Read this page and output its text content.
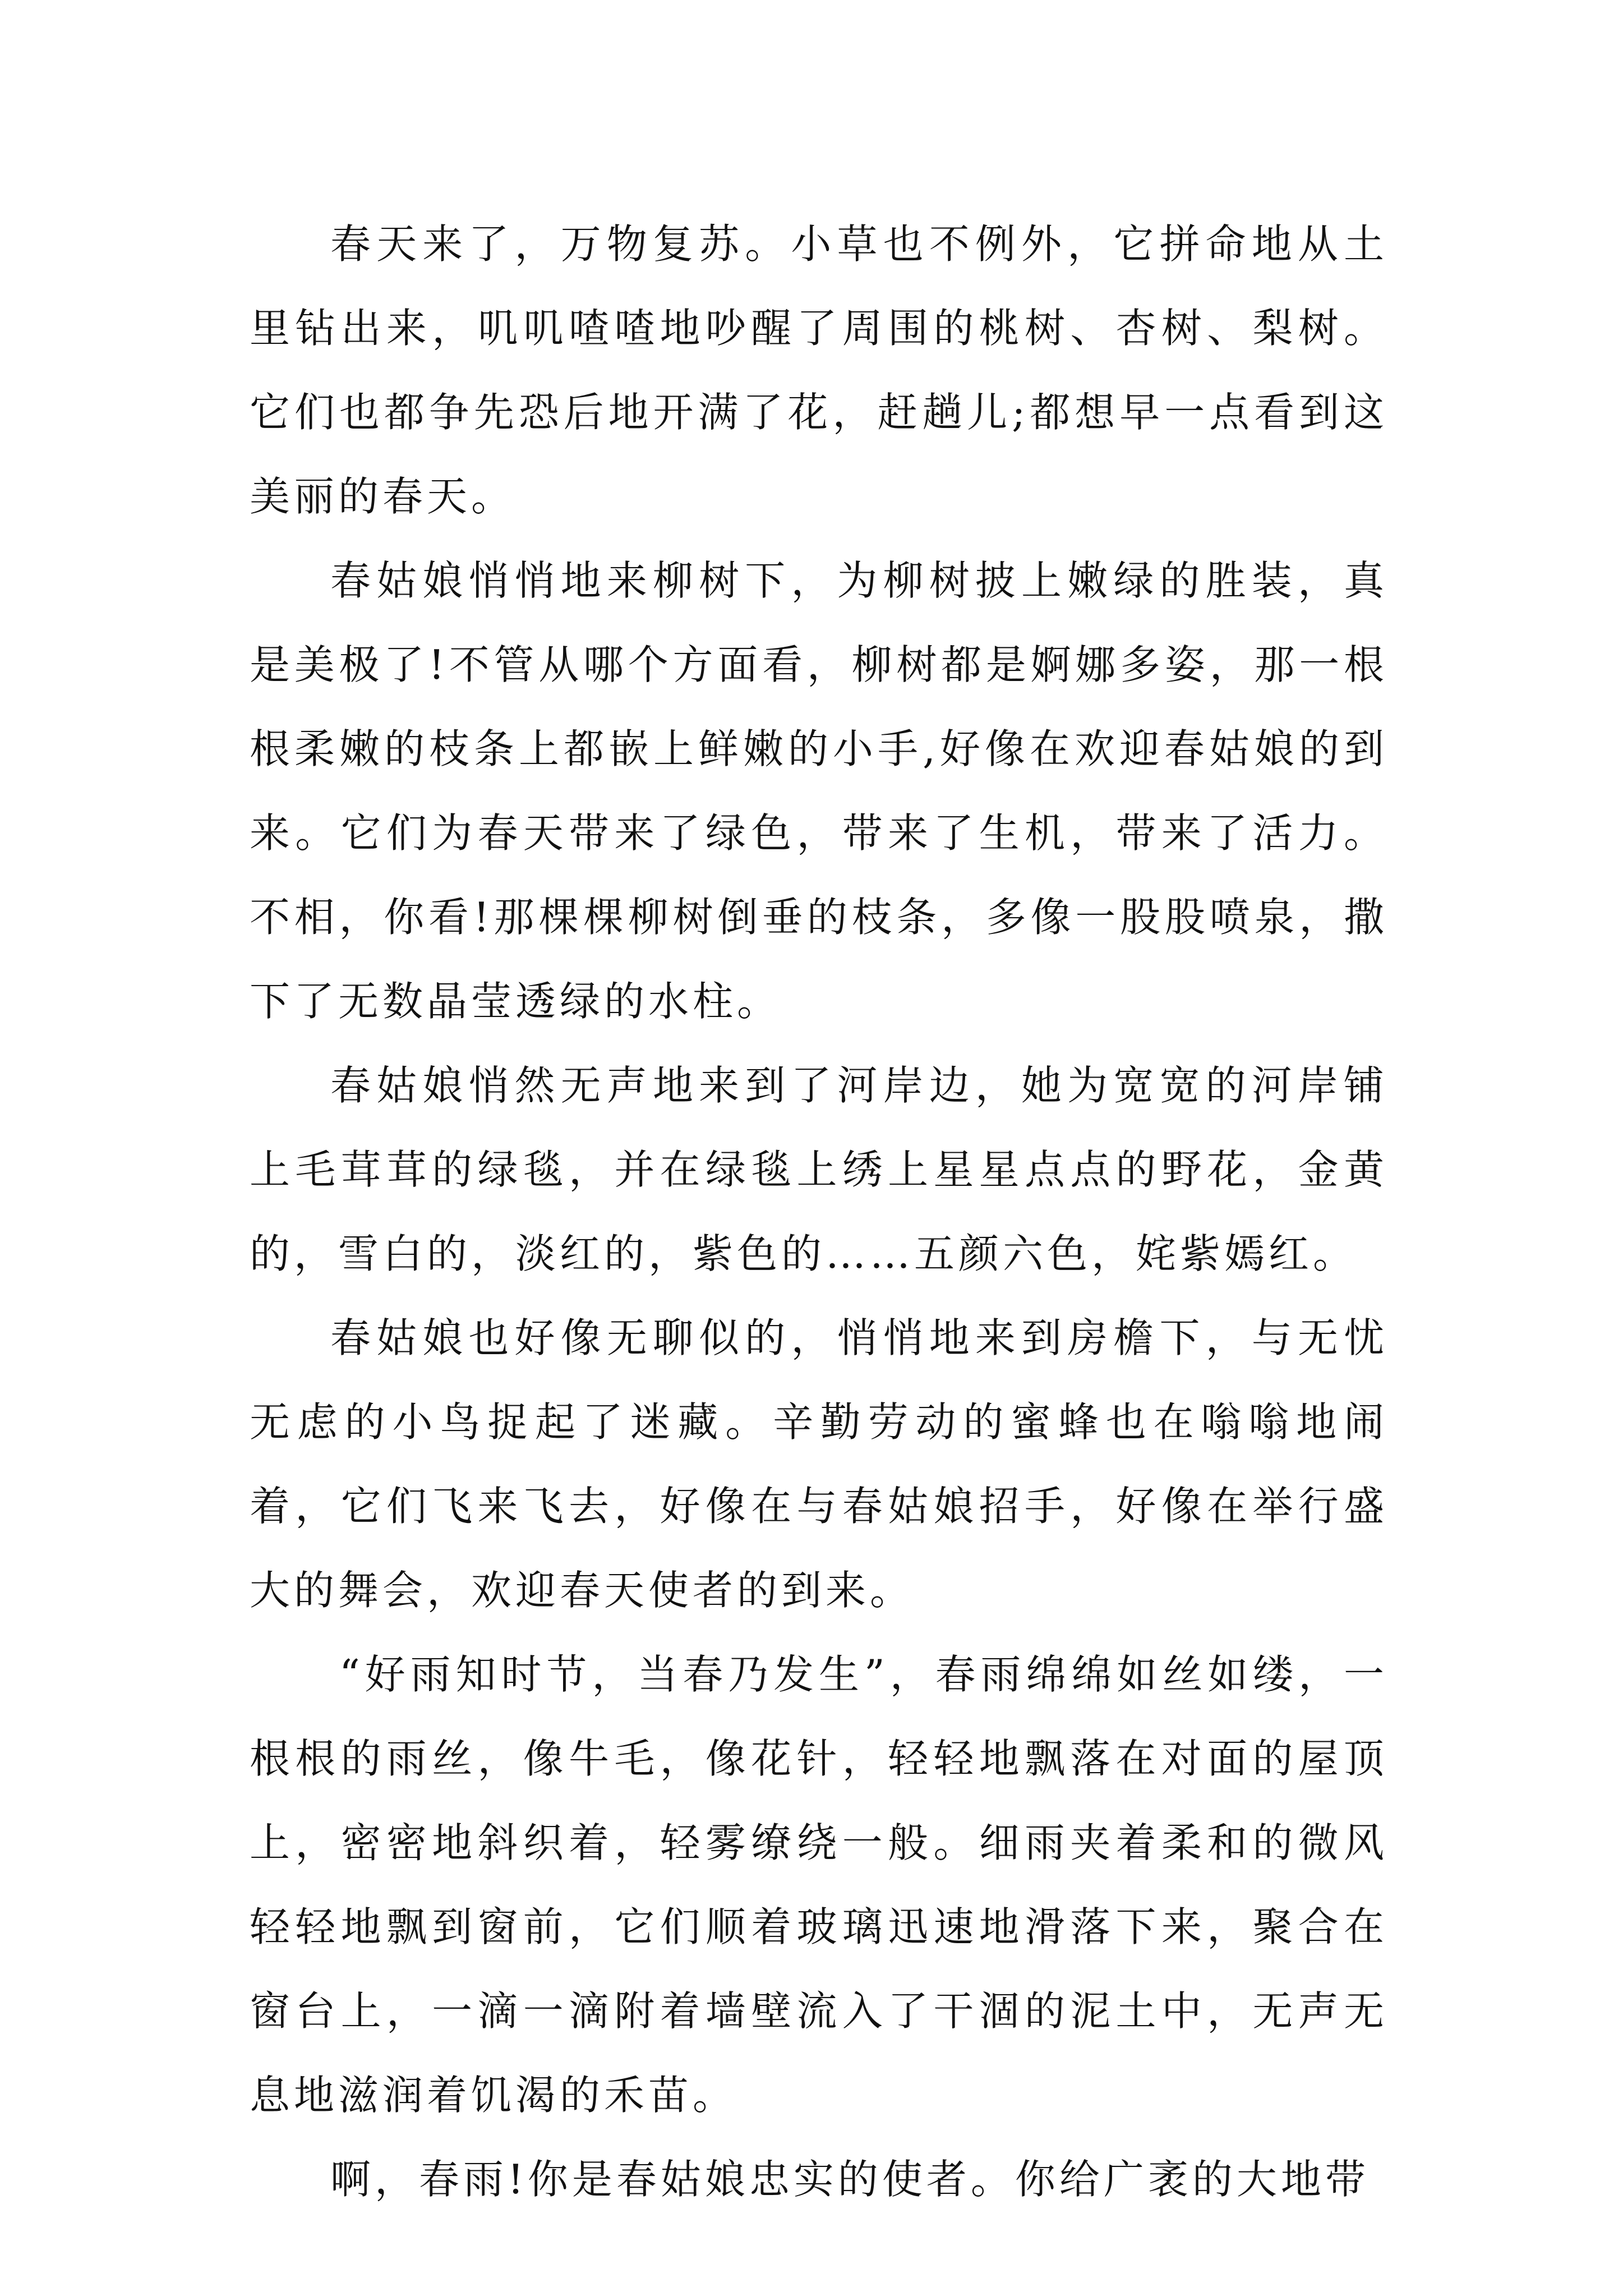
春天来了，万物复苏。小草也不例外，它拼命地从土里钻出来，叽叽喳喳地吵醒了周围的桃树、杏树、梨树。它们也都争先恐后地开满了花，赶趟儿;都想早一点看到这美丽的春天。

春姑娘悄悄地来柳树下，为柳树披上嫩绿的胜装，真是美极了!不管从哪个方面看，柳树都是婀娜多姿，那一根根柔嫩的枝条上都嵌上鲜嫩的小手,好像在欢迎春姑娘的到来。它们为春天带来了绿色，带来了生机，带来了活力。不相，你看!那棵棵柳树倒垂的枝条，多像一股股喷泉，撒下了无数晶莹透绿的水柱。

春姑娘悄然无声地来到了河岸边，她为宽宽的河岸铺上毛茸茸的绿毯，并在绿毯上绣上星星点点的野花，金黄的，雪白的，淡红的，紫色的……五颜六色，姹紫嫣红。

春姑娘也好像无聊似的，悄悄地来到房檐下，与无忧无虑的小鸟捉起了迷藏。辛勤劳动的蜜蜂也在嗡嗡地闹着，它们飞来飞去，好像在与春姑娘招手，好像在举行盛大的舞会，欢迎春天使者的到来。

“好雨知时节，当春乃发生”，春雨绵绵如丝如缕，一根根的雨丝，像牛毛，像花针，轻轻地飘落在对面的屋顶上，密密地斜织着，轻雾缭绕一般。细雨夹着柔和的微风轻轻地飘到窗前，它们顺着玻璃迅速地滑落下来，聚合在窗台上，一滴一滴附着墙壁流入了干涸的泥土中，无声无息地滋润着饥渴的禾苗。

啊，春雨!你是春姑娘忠实的使者。你给广袤的大地带
